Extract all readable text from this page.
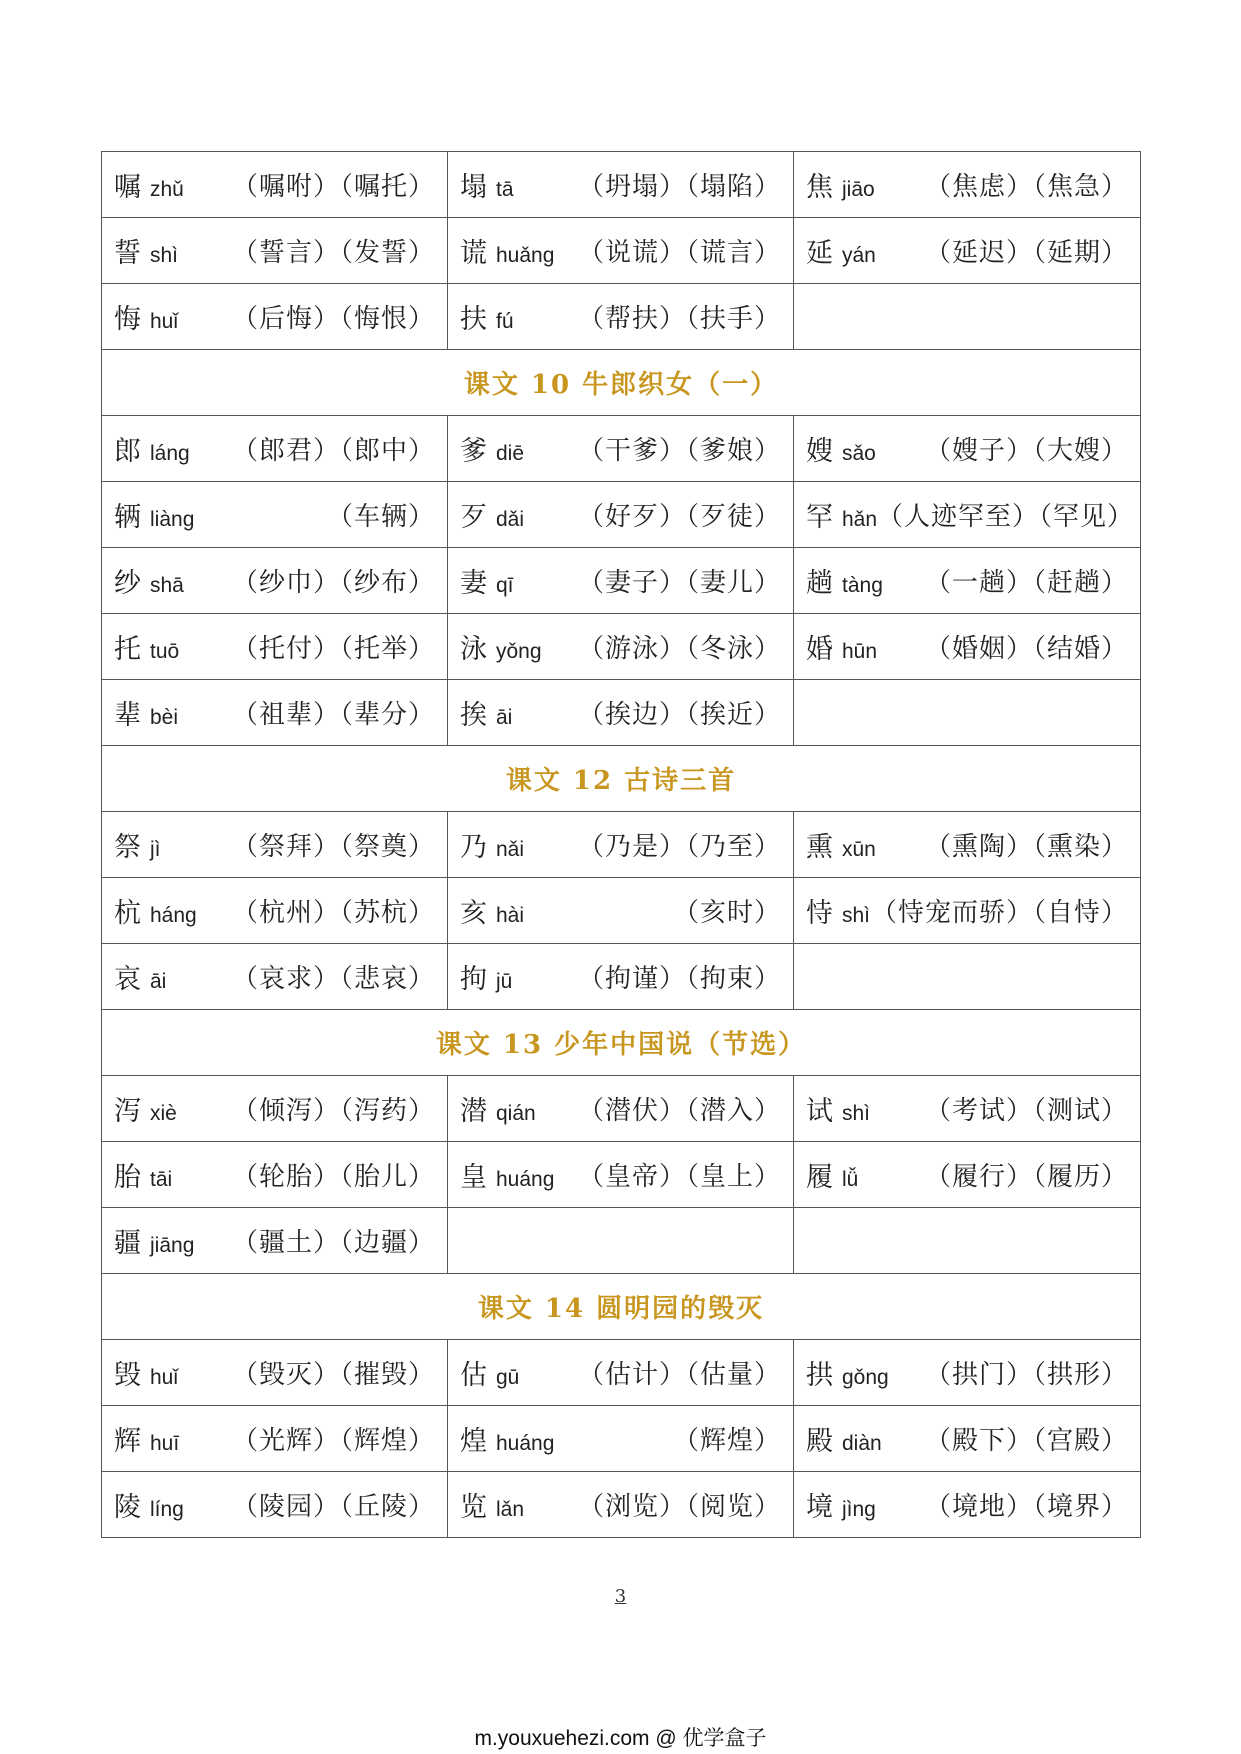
嘱 zhǔ （嘱咐）（嘱托）	塌 tā （坍塌）（塌陷）	焦 jiāo （焦虑）（焦急）

誓 shì （誓言）（发誓）	谎 huǎng （说谎）（谎言）	延 yán （延迟）（延期）

悔 huǐ （后悔）（悔恨）	扶 fú （帮扶）（扶手）	

课文 10 牛郎织女（一）		

郎 láng （郎君）（郎中）	爹 diē （干爹）（爹娘）	嫂 sǎo （嫂子）（大嫂）

辆 liàng （车辆）	歹 dǎi （好歹）（歹徒）	罕 hǎn （人迹罕至）（罕见）

纱 shā （纱巾）（纱布）	妻 qī （妻子）（妻儿）	趟 tàng （一趟）（赶趟）

托 tuō （托付）（托举）	泳 yǒng （游泳）（冬泳）	婚 hūn （婚姻）（结婚）

辈 bèi （祖辈）（辈分）	挨 āi （挨边）（挨近）	

课文 12 古诗三首		

祭 jì （祭拜）（祭奠）	乃 nǎi （乃是）（乃至）	熏 xūn （熏陶）（熏染）

杭 háng （杭州）（苏杭）	亥 hài （亥时）	恃 shì （恃宠而骄）（自恃）

哀 āi （哀求）（悲哀）	拘 jū （拘谨）（拘束）	

课文 13 少年中国说（节选）		

泻 xiè （倾泻）（泻药）	潜 qián （潜伏）（潜入）	试 shì （考试）（测试）

胎 tāi （轮胎）（胎儿）	皇 huáng （皇帝）（皇上）	履 lǚ （履行）（履历）

疆 jiāng （疆土）（边疆）		

课文 14 圆明园的毁灭		

毁 huǐ （毁灭）（摧毁）	估 gū （估计）（估量）	拱 gǒng （拱门）（拱形）

辉 huī （光辉）（辉煌）	煌 huáng （辉煌）	殿 diàn （殿下）（宫殿）

陵 líng （陵园）（丘陵）	览 lǎn （浏览）（阅览）	境 jìng （境地）（境界）
3
m.youxuehezi.com @ 优学盒子
